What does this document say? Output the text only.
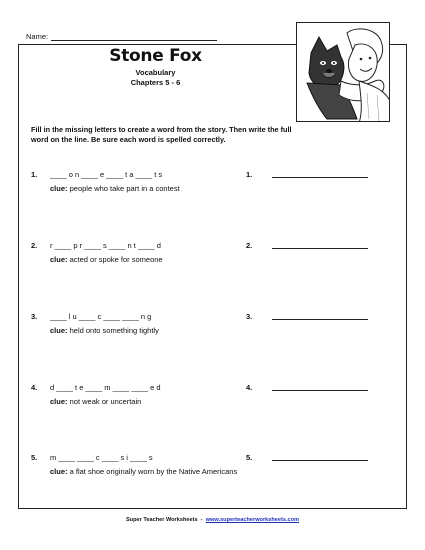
Name:
Stone Fox
Vocabulary
Chapters 5 - 6
Fill in the missing letters to create a word from the story. Then write the full word on the line. Be sure each word is spelled correctly.
1. ____ o n ____ e ____ t a ____ t s
clue: people who take part in a contest
1.
2. r ____ p r ____ s ____ n t ____ d
clue: acted or spoke for someone
2.
3. ____ l u ____ c ____ ____ n g
clue: held onto something tightly
3.
4. d ____ t e ____ m ____ ____ e d
clue: not weak or uncertain
4.
5. m ____ ____ c ____ s i ____ s
clue: a flat shoe originally worn by the Native Americans
5.
Super Teacher Worksheets - www.superteacherworksheets.com
